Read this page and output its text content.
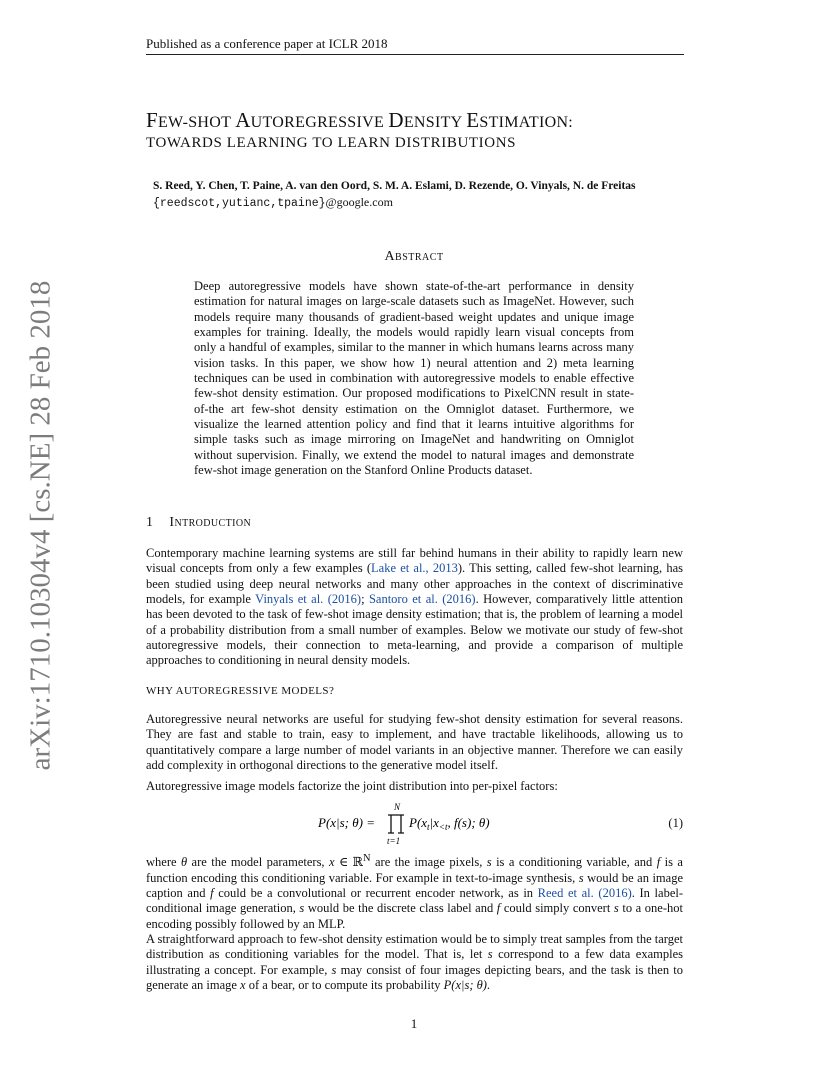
Published as a conference paper at ICLR 2018
arXiv:1710.10304v4 [cs.NE] 28 Feb 2018
FEW-SHOT AUTOREGRESSIVE DENSITY ESTIMATION:
TOWARDS LEARNING TO LEARN DISTRIBUTIONS
S. Reed, Y. Chen, T. Paine, A. van den Oord, S. M. A. Eslami, D. Rezende, O. Vinyals, N. de Freitas
{reedscot,yutianc,tpaine}@google.com
Abstract
Deep autoregressive models have shown state-of-the-art performance in density estimation for natural images on large-scale datasets such as ImageNet. However, such models require many thousands of gradient-based weight updates and unique image examples for training. Ideally, the models would rapidly learn visual concepts from only a handful of examples, similar to the manner in which humans learns across many vision tasks. In this paper, we show how 1) neural attention and 2) meta learning techniques can be used in combination with autoregressive models to enable effective few-shot density estimation. Our proposed modifications to PixelCNN result in state-of-the art few-shot density estimation on the Omniglot dataset. Furthermore, we visualize the learned attention policy and find that it learns intuitive algorithms for simple tasks such as image mirroring on ImageNet and handwriting on Omniglot without supervision. Finally, we extend the model to natural images and demonstrate few-shot image generation on the Stanford Online Products dataset.
1 Introduction
Contemporary machine learning systems are still far behind humans in their ability to rapidly learn new visual concepts from only a few examples (Lake et al., 2013). This setting, called few-shot learning, has been studied using deep neural networks and many other approaches in the context of discriminative models, for example Vinyals et al. (2016); Santoro et al. (2016). However, comparatively little attention has been devoted to the task of few-shot image density estimation; that is, the problem of learning a model of a probability distribution from a small number of examples. Below we motivate our study of few-shot autoregressive models, their connection to meta-learning, and provide a comparison of multiple approaches to conditioning in neural density models.
WHY AUTOREGRESSIVE MODELS?
Autoregressive neural networks are useful for studying few-shot density estimation for several reasons. They are fast and stable to train, easy to implement, and have tractable likelihoods, allowing us to quantitatively compare a large number of model variants in an objective manner. Therefore we can easily add complexity in orthogonal directions to the generative model itself.
Autoregressive image models factorize the joint distribution into per-pixel factors:
P(x|s; θ) =
N
t=1
$P(x_t|x_{<t}$, f(s); θ)	(1)
where θ are the model parameters, x ∈ ℝ$^N$ are the image pixels, s is a conditioning variable, and f is a function encoding this conditioning variable. For example in text-to-image synthesis, s would be an image caption and f could be a convolutional or recurrent encoder network, as in Reed et al. (2016). In label-conditional image generation, s would be the discrete class label and f could simply convert s to a one-hot encoding possibly followed by an MLP.
A straightforward approach to few-shot density estimation would be to simply treat samples from the target distribution as conditioning variables for the model. That is, let s correspond to a few data examples illustrating a concept. For example, s may consist of four images depicting bears, and the task is then to generate an image x of a bear, or to compute its probability P(x|s; θ).
1
